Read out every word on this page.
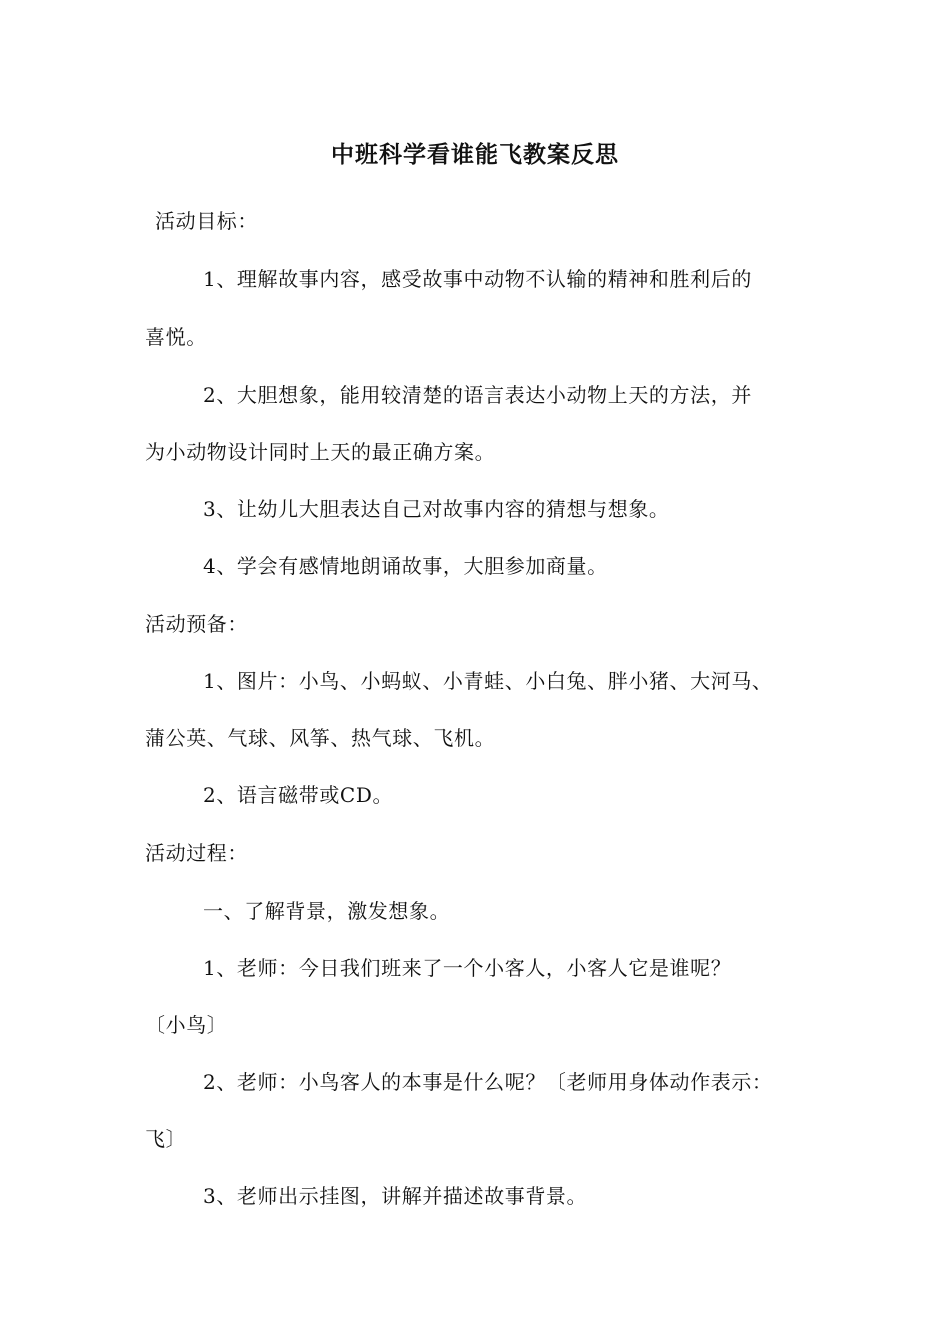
中班科学看谁能飞教案反思
活动目标：
1、理解故事内容，感受故事中动物不认输的精神和胜利后的
喜悦。
2、大胆想象，能用较清楚的语言表达小动物上天的方法，并
为小动物设计同时上天的最正确方案。
3、让幼儿大胆表达自己对故事内容的猜想与想象。
4、学会有感情地朗诵故事，大胆参加商量。
活动预备：
1、图片：小鸟、小蚂蚁、小青蛙、小白兔、胖小猪、大河马、
蒲公英、气球、风筝、热气球、飞机。
2、语言磁带或CD。
活动过程：
一、了解背景，激发想象。
1、老师：今日我们班来了一个小客人，小客人它是谁呢？
〔小鸟〕
2、老师：小鸟客人的本事是什么呢？〔老师用身体动作表示：
飞〕
3、老师出示挂图，讲解并描述故事背景。
